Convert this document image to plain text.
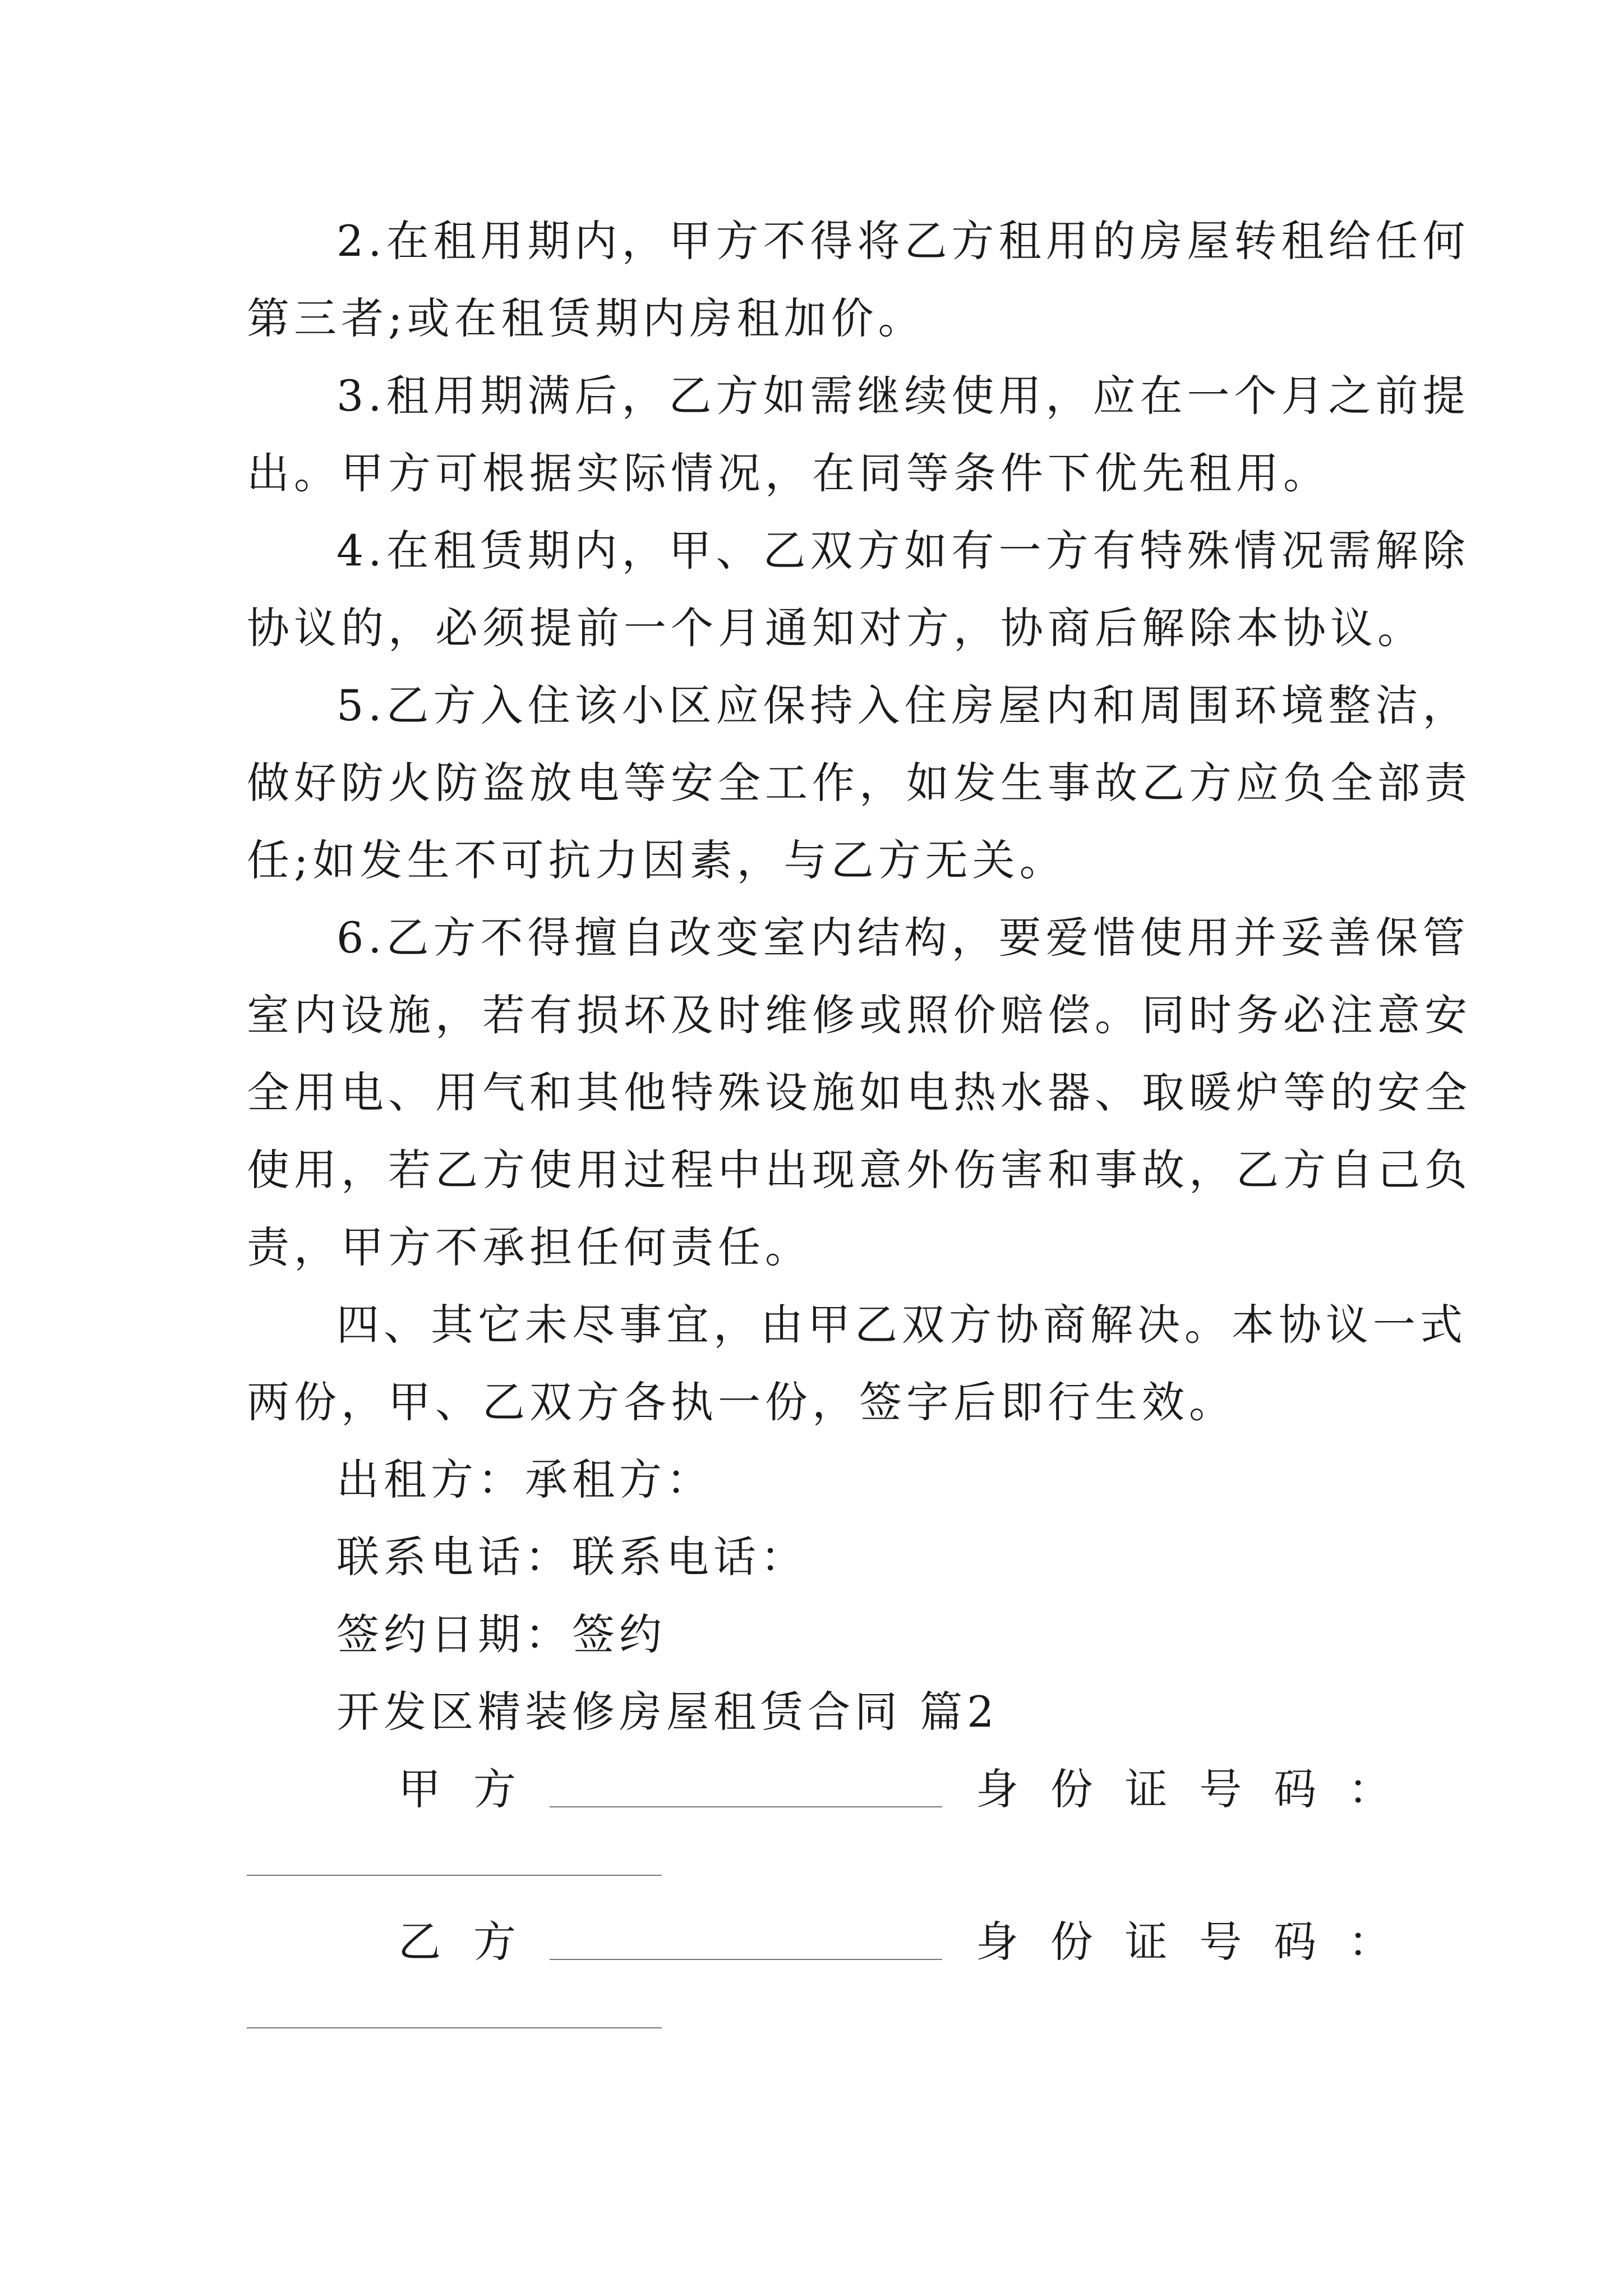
2.在租用期内，甲方不得将乙方租用的房屋转租给任何
第三者;或在租赁期内房租加价。
3.租用期满后，乙方如需继续使用，应在一个月之前提
出。甲方可根据实际情况，在同等条件下优先租用。
4.在租赁期内，甲、乙双方如有一方有特殊情况需解除
协议的，必须提前一个月通知对方，协商后解除本协议。
5.乙方入住该小区应保持入住房屋内和周围环境整洁，
做好防火防盗放电等安全工作，如发生事故乙方应负全部责
任;如发生不可抗力因素，与乙方无关。
6.乙方不得擅自改变室内结构，要爱惜使用并妥善保管
室内设施，若有损坏及时维修或照价赔偿。同时务必注意安
全用电、用气和其他特殊设施如电热水器、取暖炉等的安全
使用，若乙方使用过程中出现意外伤害和事故，乙方自己负
责，甲方不承担任何责任。
四、其它未尽事宜，由甲乙双方协商解决。本协议一式
两份，甲、乙双方各执一份，签字后即行生效。
出租方：承租方：
联系电话：联系电话：
签约日期：签约
开发区精装修房屋租赁合同 篇2
甲 方	身 份 证 号 码 ：
乙 方	身 份 证 号 码 ：
